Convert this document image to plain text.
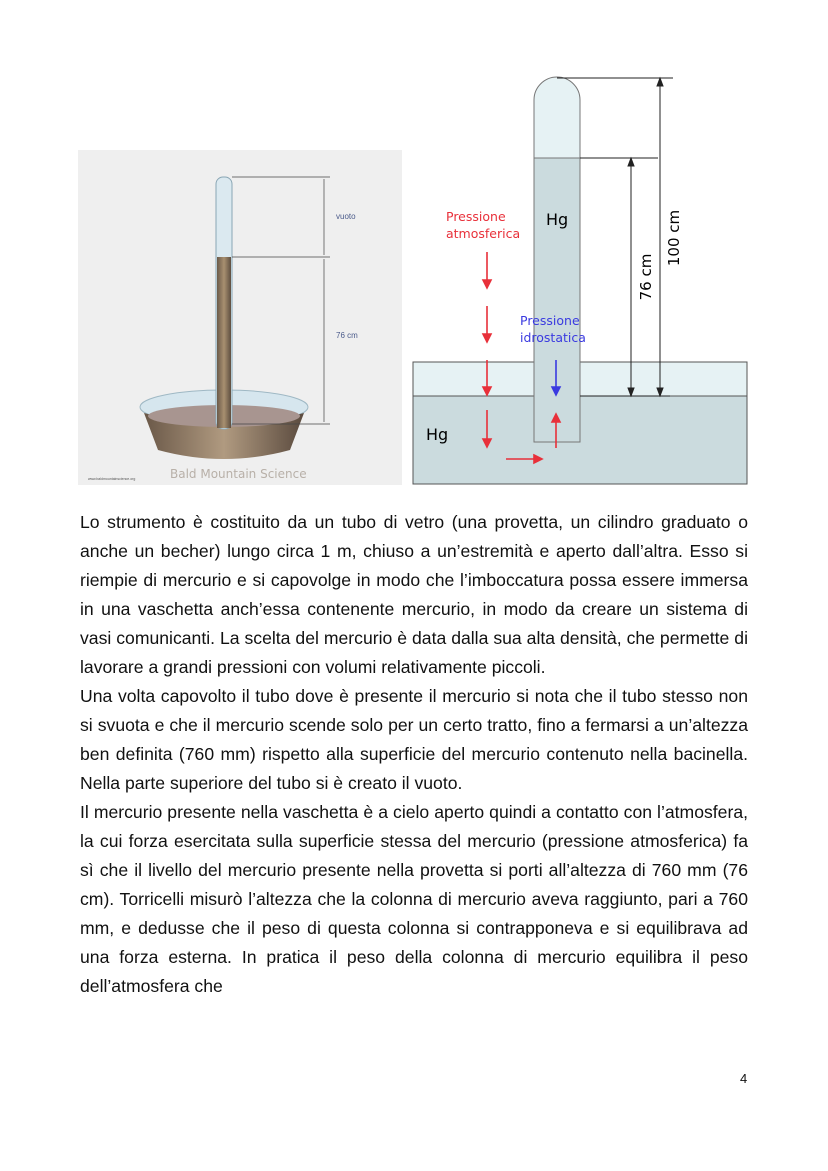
vuoto
76 cm
Bald Mountain Science
www.baldmountainscience.org
76 cm
100 cm
Hg
Hg
Pressione
atmosferica
Pressione
idrostatica

Lo strumento è costituito da un tubo di vetro (una provetta, un cilindro graduato o anche un becher) lungo circa 1 m, chiuso a un’estremità e aperto dall’altra. Esso si riempie di mercurio e si capovolge in modo che l’imboccatura possa essere immersa in una vaschetta anch’essa contenente mercurio, in modo da creare un sistema di vasi comunicanti. La scelta del mercurio è data dalla sua alta densità, che permette di lavorare a grandi pressioni con volumi relativamente piccoli.

Una volta capovolto il tubo dove è presente il mercurio si nota che il tubo stesso non si svuota e che il mercurio scende solo per un certo tratto, fino a fermarsi a un’altezza ben definita (760 mm) rispetto alla superficie del mercurio contenuto nella bacinella. Nella parte superiore del tubo si è creato il vuoto.

Il mercurio presente nella vaschetta è a cielo aperto quindi a contatto con l’atmosfera, la cui forza esercitata sulla superficie stessa del mercurio (pressione atmosferica) fa sì che il livello del mercurio presente nella provetta si porti all’altezza di 760 mm (76 cm). Torricelli misurò l’altezza che la colonna di mercurio aveva raggiunto, pari a 760 mm, e dedusse che il peso di questa colonna si contrapponeva e si equilibrava ad una forza esterna. In pratica il peso della colonna di mercurio equilibra il peso dell’atmosfera che

4
